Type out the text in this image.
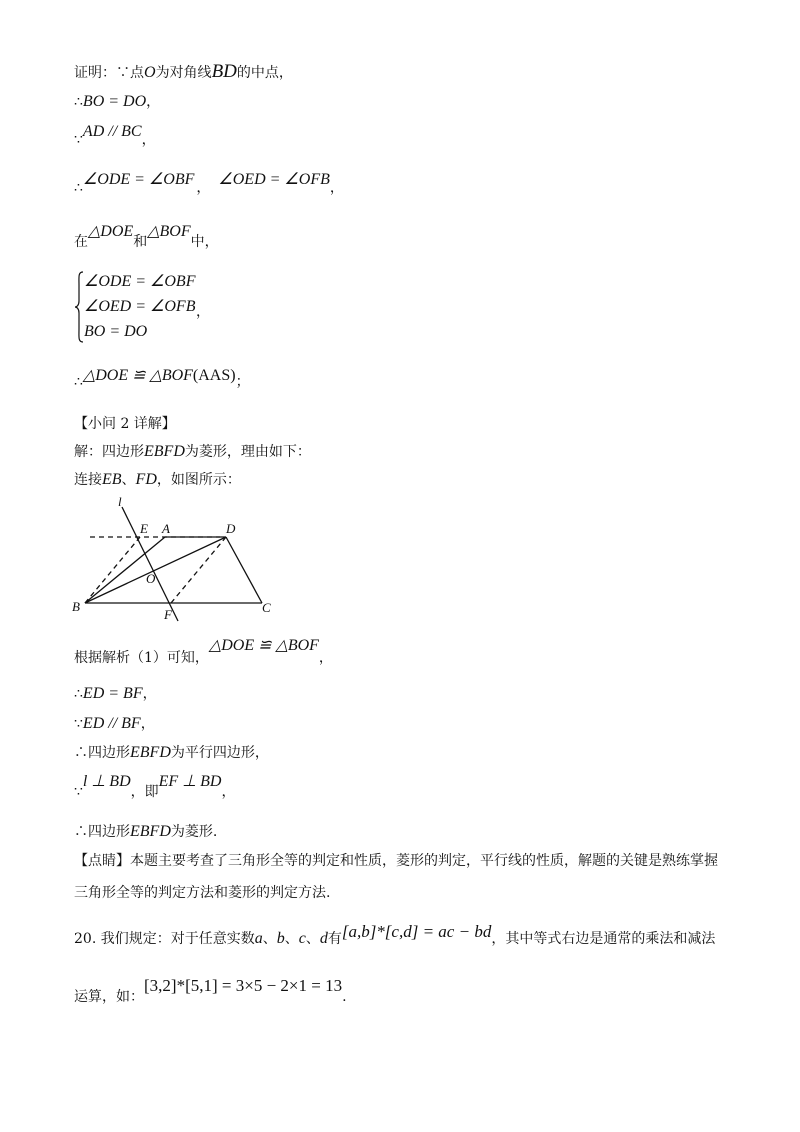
证明：∵点O为对角线BD的中点，
∴BO = DO，
∵AD // BC，
∴∠ODE = ∠OBF ， ∠OED = ∠OFB，
在△DOE和△BOF中，
∠ODE = ∠OBF
∠OED = ∠OFB
BO = DO
，
∴△DOE ≌ △BOF(AAS)；
【小问 2 详解】
解：四边形EBFD为菱形，理由如下：
连接EB、FD，如图所示：
l
E A	D
O
B
F	C
根据解析（1）可知，△DOE ≌ △BOF，
∴ED = BF，
∵ED // BF，
∴四边形EBFD为平行四边形，
∵l ⊥ BD，即EF ⊥ BD，
∴四边形EBFD为菱形.
【点睛】本题主要考查了三角形全等的判定和性质，菱形的判定，平行线的性质，解题的关键是熟练掌握
三角形全等的判定方法和菱形的判定方法.
20. 我们规定：对于任意实数a、b、c、d有[a,b]*[c,d] = ac − bd，其中等式右边是通常的乘法和减法
运算，如：[3,2]*[5,1] = 3×5 − 2×1 = 13.
